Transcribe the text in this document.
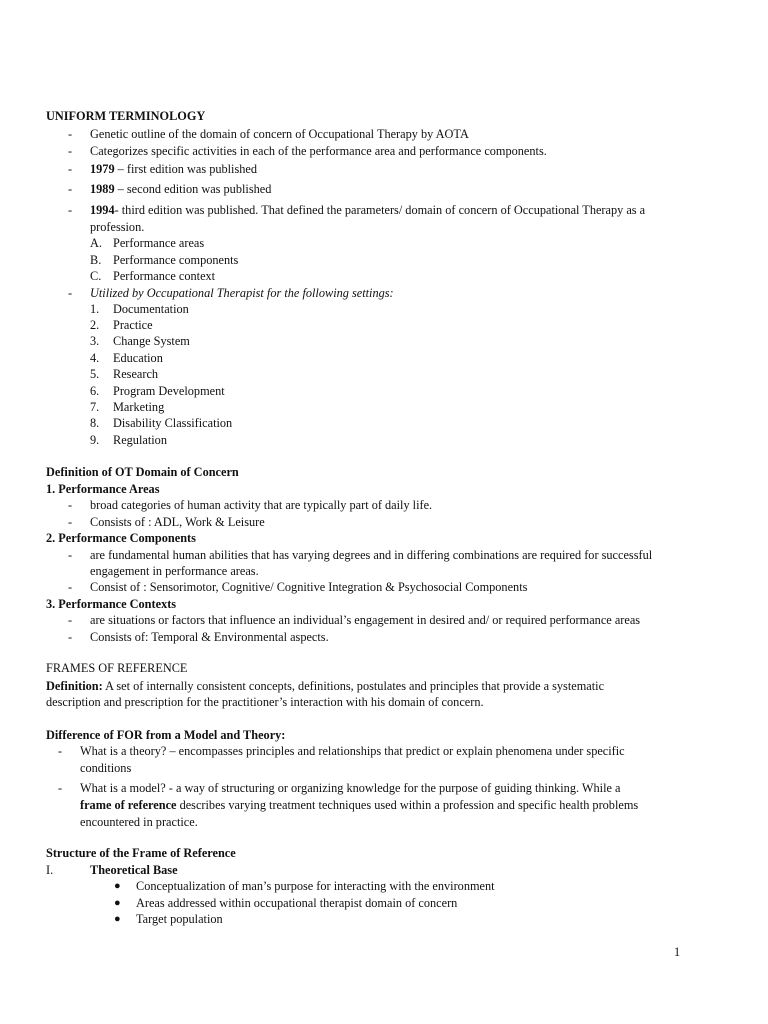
UNIFORM TERMINOLOGY
- Genetic outline of the domain of concern of Occupational Therapy by AOTA
- Categorizes specific activities in each of the performance area and performance components.
- 1979 – first edition was published
- 1989 – second edition was published
- 1994- third edition was published. That defined the parameters/ domain of concern of Occupational Therapy as a
profession.
A. Performance areas
B. Performance components
C. Performance context
- Utilized by Occupational Therapist for the following settings:
1. Documentation
2. Practice
3. Change System
4. Education
5. Research
6. Program Development
7. Marketing
8. Disability Classification
9. Regulation
Definition of OT Domain of Concern
1. Performance Areas
- broad categories of human activity that are typically part of daily life.
- Consists of : ADL, Work & Leisure
2. Performance Components
- are fundamental human abilities that has varying degrees and in differing combinations are required for successful
engagement in performance areas.
- Consist of : Sensorimotor, Cognitive/ Cognitive Integration & Psychosocial Components
3. Performance Contexts
- are situations or factors that influence an individual’s engagement in desired and/ or required performance areas
- Consists of: Temporal & Environmental aspects.
FRAMES OF REFERENCE
Definition: A set of internally consistent concepts, definitions, postulates and principles that provide a systematic
description and prescription for the practitioner’s interaction with his domain of concern.
Difference of FOR from a Model and Theory:
- What is a theory? – encompasses principles and relationships that predict or explain phenomena under specific
conditions
- What is a model? - a way of structuring or organizing knowledge for the purpose of guiding thinking. While a
frame of reference describes varying treatment techniques used within a profession and specific health problems
encountered in practice.
Structure of the Frame of Reference
I.	Theoretical Base
● Conceptualization of man’s purpose for interacting with the environment
● Areas addressed within occupational therapist domain of concern
● Target population
1
